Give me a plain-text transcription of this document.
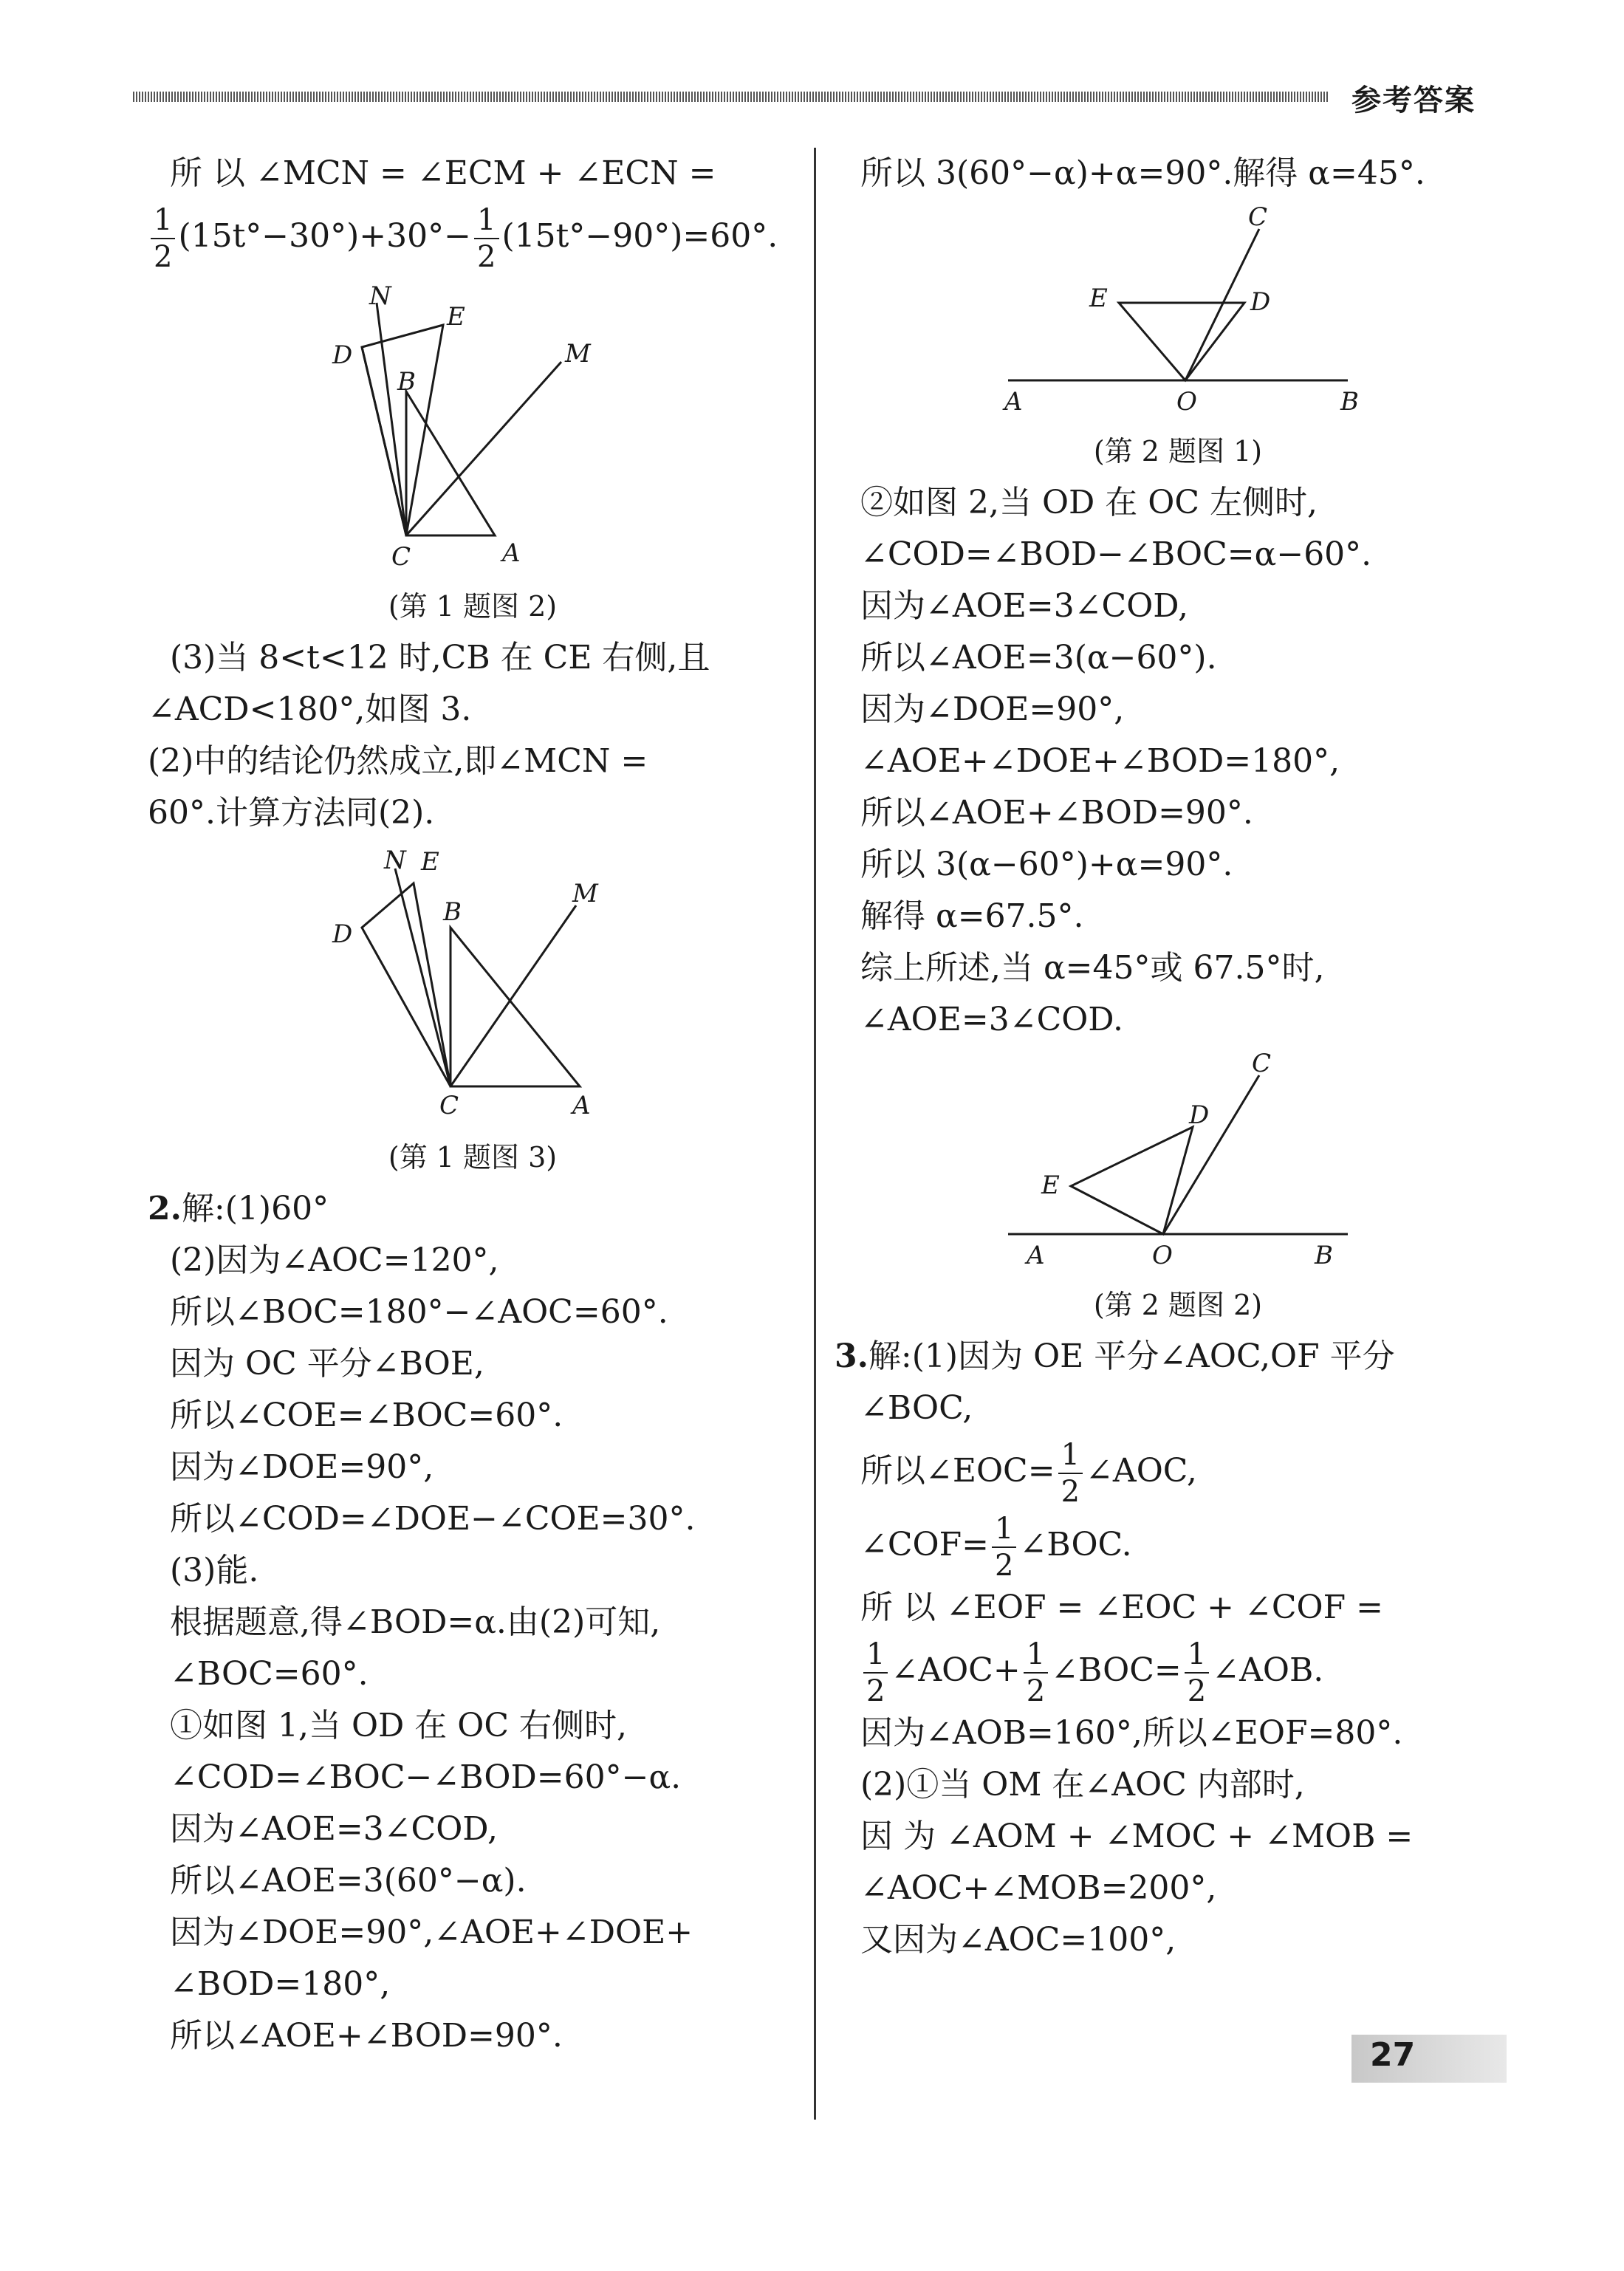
参考答案
所 以 ∠MCN = ∠ECM + ∠ECN =
$\frac{1}{2} (15t^\circ-30^\circ)+30^\circ- \frac{1}{2} (15t^\circ-90^\circ)=60^\circ$.
N
E
D
B
M
C	A
(第 1 题图 2)
(3)当 8<t<12 时,CB 在 CE 右侧,且
∠ACD<180°,如图 3.
(2)中的结论仍然成立,即∠MCN =
60°.计算方法同(2).
N E
D
B
M
C	A
(第 1 题图 3)
2.解:(1)60°
(2)因为∠AOC=120°,
所以∠BOC=180°−∠AOC=60°.
因为 OC 平分∠BOE,
所以∠COE=∠BOC=60°.
因为∠DOE=90°,
所以∠COD=∠DOE−∠COE=30°.
(3)能.
根据题意,得∠BOD=α.由(2)可知,
∠BOC=60°.
①如图 1,当 OD 在 OC 右侧时,
∠COD=∠BOC−∠BOD=60°−α.
因为∠AOE=3∠COD,
所以∠AOE=3(60°−α).
因为∠DOE=90°,∠AOE+∠DOE+
∠BOD=180°,
所以∠AOE+∠BOD=90°.
所以 3(60°−α)+α=90°.解得 α=45°.
C
E	D
A	O	B
(第 2 题图 1)
②如图 2,当 OD 在 OC 左侧时,
∠COD=∠BOD−∠BOC=α−60°.
因为∠AOE=3∠COD,
所以∠AOE=3(α−60°).
因为∠DOE=90°,
∠AOE+∠DOE+∠BOD=180°,
所以∠AOE+∠BOD=90°.
所以 3(α−60°)+α=90°.
解得 α=67.5°.
综上所述,当 α=45°或 67.5°时,
∠AOE=3∠COD.
C
D
E
A	O	B
(第 2 题图 2)
3.解:(1)因为 OE 平分∠AOC,OF 平分
∠BOC,
所以∠EOC= $\frac{1}{2}$ ∠AOC,
∠COF= $\frac{1}{2}$ ∠BOC.
所 以 ∠EOF = ∠EOC + ∠COF =
$\frac{1}{2}$ ∠AOC+ $\frac{1}{2}$ ∠BOC= $\frac{1}{2}$ ∠AOB.
因为∠AOB=160°,所以∠EOF=80°.
(2)①当 OM 在∠AOC 内部时,
因 为 ∠AOM + ∠MOC + ∠MOB =
∠AOC+∠MOB=200°,
又因为∠AOC=100°,
27
